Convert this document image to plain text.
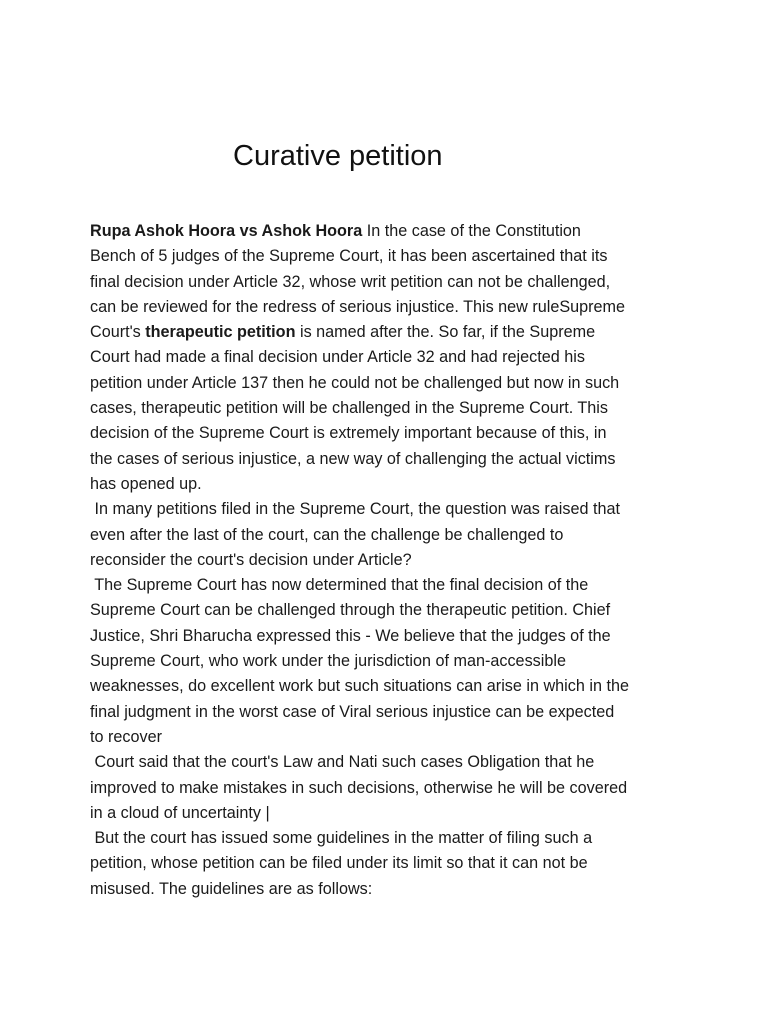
Curative petition

Rupa Ashok Hoora vs Ashok Hoora In the case of the Constitution
Bench of 5 judges of the Supreme Court, it has been ascertained that its
final decision under Article 32, whose writ petition can not be challenged,
can be reviewed for the redress of serious injustice. This new ruleSupreme
Court's therapeutic petition is named after the. So far, if the Supreme
Court had made a final decision under Article 32 and had rejected his
petition under Article 137 then he could not be challenged but now in such
cases, therapeutic petition will be challenged in the Supreme Court. This
decision of the Supreme Court is extremely important because of this, in
the cases of serious injustice, a new way of challenging the actual victims
has opened up.

In many petitions filed in the Supreme Court, the question was raised that
even after the last of the court, can the challenge be challenged to
reconsider the court's decision under Article?

The Supreme Court has now determined that the final decision of the
Supreme Court can be challenged through the therapeutic petition. Chief
Justice, Shri Bharucha expressed this - We believe that the judges of the
Supreme Court, who work under the jurisdiction of man-accessible
weaknesses, do excellent work but such situations can arise in which in the
final judgment in the worst case of Viral serious injustice can be expected
to recover

Court said that the court's Law and Nati such cases Obligation that he
improved to make mistakes in such decisions, otherwise he will be covered
in a cloud of uncertainty |

But the court has issued some guidelines in the matter of filing such a
petition, whose petition can be filed under its limit so that it can not be
misused. The guidelines are as follows:
